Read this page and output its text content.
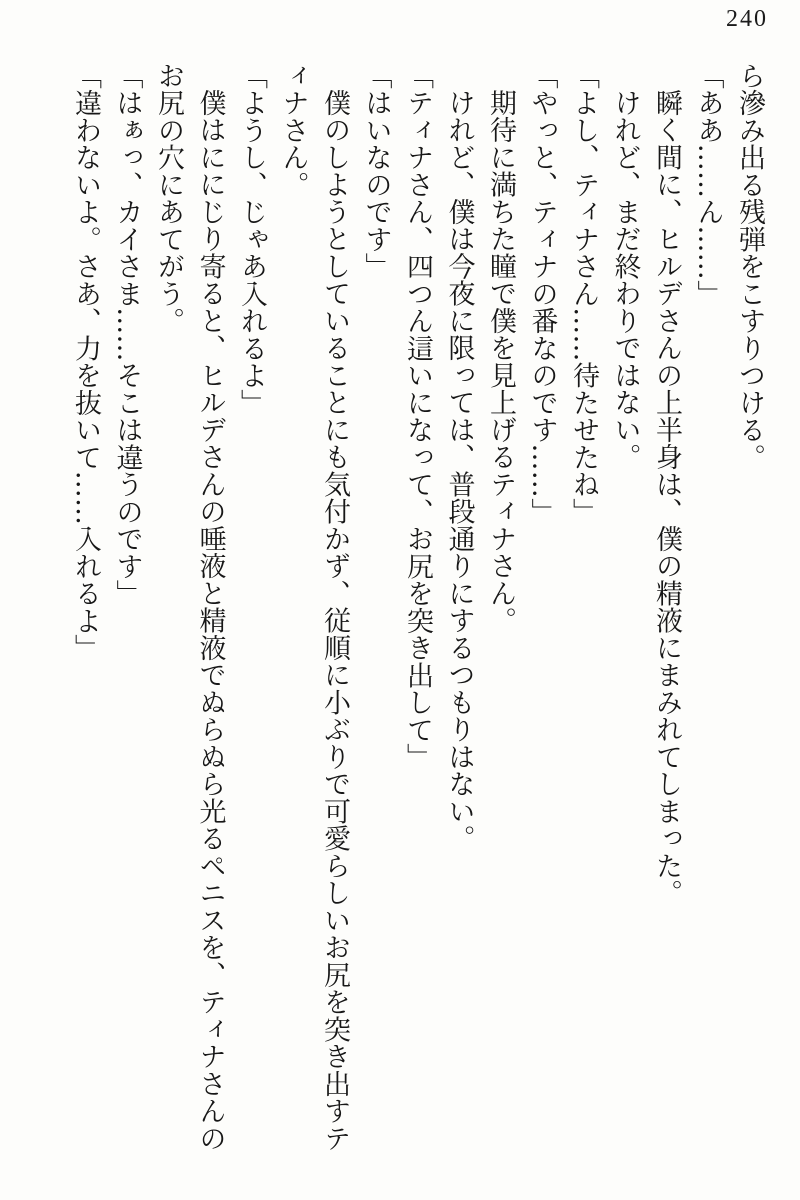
240

ら滲み出る残弾をこすりつける。

「ああ……ん……」

瞬く間に、ヒルデさんの上半身は、僕の精液にまみれてしまった。

けれど、まだ終わりではない。

「よし、ティナさん……待たせたね」

「やっと、ティナの番なのです……」

期待に満ちた瞳で僕を見上げるティナさん。

けれど、僕は今夜に限っては、普段通りにするつもりはない。

「ティナさん、四つん這いになって、お尻を突き出して」

「はいなのです」

僕のしようとしていることにも気付かず、従順に小ぶりで可愛らしいお尻を突き出すティナさん。

「ようし、じゃあ入れるよ」

僕はににじり寄ると、ヒルデさんの唾液と精液でぬらぬら光るペニスを、ティナさんのお尻の穴にあてがう。

「はぁっ、カイさま……そこは違うのです」

「違わないよ。さあ、力を抜いて……入れるよ」
